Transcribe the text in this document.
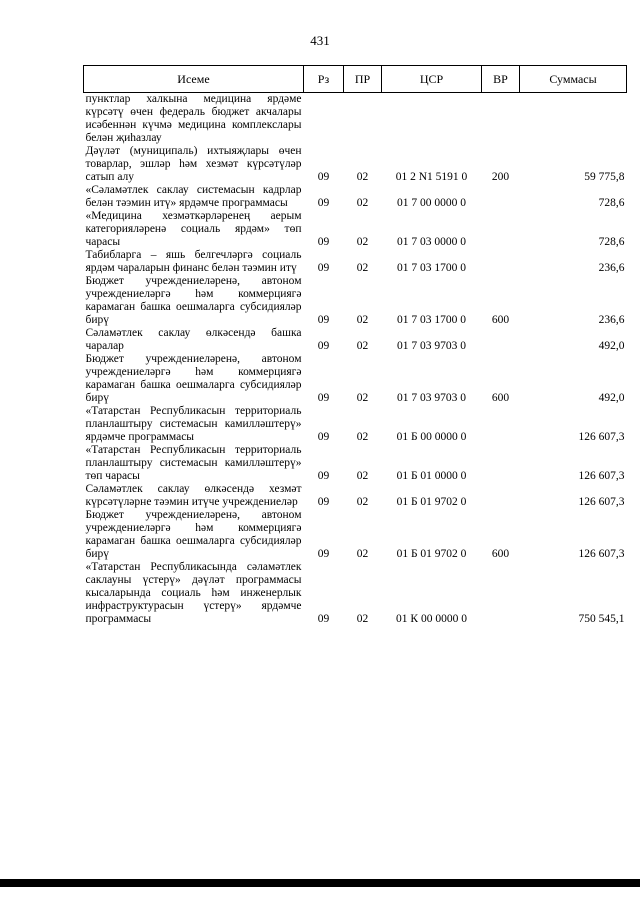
431
Исеме	Рз	ПР	ЦСР	ВР	Суммасы
пунктлар халкына медицина ярдәме күрсәтү өчен федераль бюджет акчалары исәбеннән күчмә медицина комплекслары белән җиһазлау					
Дәүләт (муниципаль) ихтыяҗлары өчен товарлар, эшләр һәм хезмәт күрсәтүләр сатып алу	09	02	01 2 N1 5191 0	200	59 775,8
«Сәламәтлек саклау системасын кадрлар белән тәэмин итү» ярдәмче программасы	09	02	01 7 00 0000 0		728,6
«Медицина хезмәткәрләренең аерым категорияләренә социаль ярдәм» төп чарасы	09	02	01 7 03 0000 0		728,6
Табибларга – яшь белгечләргә социаль ярдәм чараларын финанс белән тәэмин итү	09	02	01 7 03 1700 0		236,6
Бюджет учреждениеләренә, автоном учреждениеләргә һәм коммерциягә карамаган башка оешмаларга субсидияләр бирү	09	02	01 7 03 1700 0	600	236,6
Сәламәтлек саклау өлкәсендә башка чаралар	09	02	01 7 03 9703 0		492,0
Бюджет учреждениеләренә, автоном учреждениеләргә һәм коммерциягә карамаган башка оешмаларга субсидияләр бирү	09	02	01 7 03 9703 0	600	492,0
«Татарстан Республикасын территориаль планлаштыру системасын камилләштерү» ярдәмче программасы	09	02	01 Б 00 0000 0		126 607,3
«Татарстан Республикасын территориаль планлаштыру системасын камилләштерү» төп чарасы	09	02	01 Б 01 0000 0		126 607,3
Сәламәтлек саклау өлкәсендә хезмәт күрсәтүләрне тәэмин итүче учреждениеләр	09	02	01 Б 01 9702 0		126 607,3
Бюджет учреждениеләренә, автоном учреждениеләргә һәм коммерциягә карамаган башка оешмаларга субсидияләр бирү	09	02	01 Б 01 9702 0	600	126 607,3
«Татарстан Республикасында сәламәтлек саклауны үстерү» дәүләт программасы кысаларында социаль һәм инженерлык инфраструктурасын үстерү» ярдәмче программасы	09	02	01 К 00 0000 0		750 545,1
